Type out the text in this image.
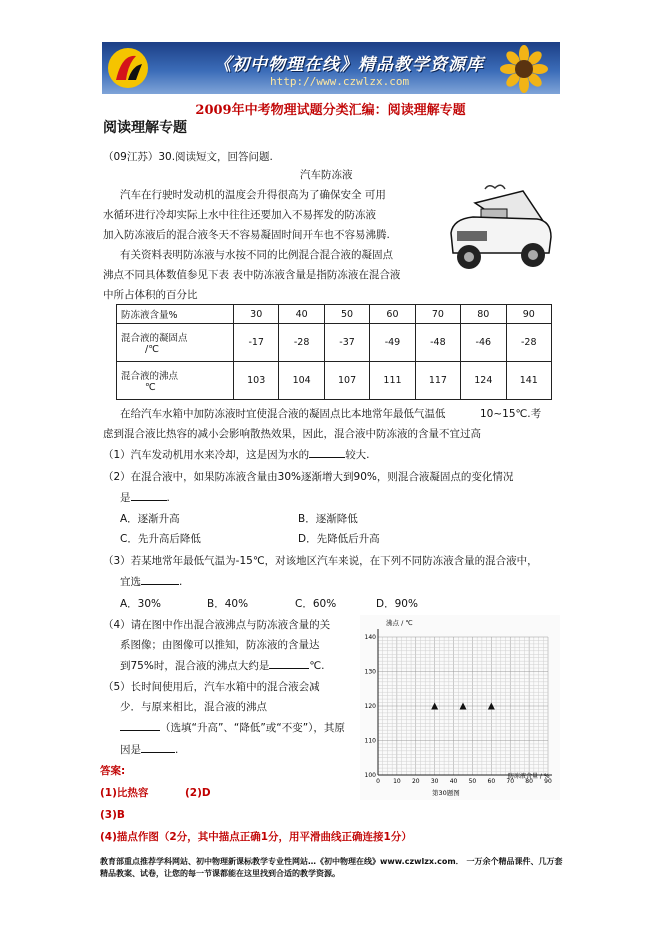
《初中物理在线》精品教学资源库
http://www.czwlzx.com
2009年中考物理试题分类汇编：阅读理解专题
阅读理解专题
（09江苏）30.阅读短文，回答问题.
汽车防冻液
汽车在行驶时发动机的温度会升得很高为了确保安全 可用
水循环进行冷却实际上水中往往还要加入不易挥发的防冻液
加入防冻液后的混合液冬天不容易凝固时间开车也不容易沸腾.
有关资料表明防冻液与水按不同的比例混合混合液的凝固点
沸点不同具体数值参见下表 表中防冻液含量是指防冻液在混合液
中所占体积的百分比
防冻液含量%	30	40	50	60	70	80	90

混合液的凝固点
/℃	-17	-28	-37	-49	-48	-46	-28

混合液的沸点
℃	103	104	107	111	117	124	141
在给汽车水箱中加防冻液时宜使混合液的凝固点比本地常年最低气温低	10~15℃.考
虑到混合液比热容的减小会影响散热效果，因此，混合液中防冻液的含量不宜过高
（1）汽车发动机用水来冷却，这是因为水的	较大.
（2）在混合液中，如果防冻液含量由30%逐渐增大到90%，则混合液凝固点的变化情况
是	.
A．逐渐升高	B．逐渐降低
C．先升高后降低	D．先降低后升高
（3）若某地常年最低气温为-15℃，对该地区汽车来说，在下列不同防冻液含量的混合液中，
宜选	.
A．30%	B．40%	C．60%	D．90%
（4）请在图中作出混合液沸点与防冻液含量的关
系图像；由图像可以推知，防冻液的含量达
到75%时，混合液的沸点大约是	℃.
（5）长时间使用后，汽车水箱中的混合液会减
少．与原来相比，混合液的沸点
（选填“升高”、“降低”或“不变”），其原
因是	.
100
110
120
130
140
0 10 20 30 40 50 60 70 80 90
沸点 / ℃
防冻液含量 / %
第30题图
答案:
(1)比热容	(2)D
(3)B
(4)描点作图（2分，其中描点正确1分，用平滑曲线正确连接1分）
教育部重点推荐学科网站、初中物理新课标教学专业性网站…《初中物理在线》www.czwlzx.com． 一万余个精品课件、几万套精品教案、试卷，让您的每一节课都能在这里找到合适的教学资源。
